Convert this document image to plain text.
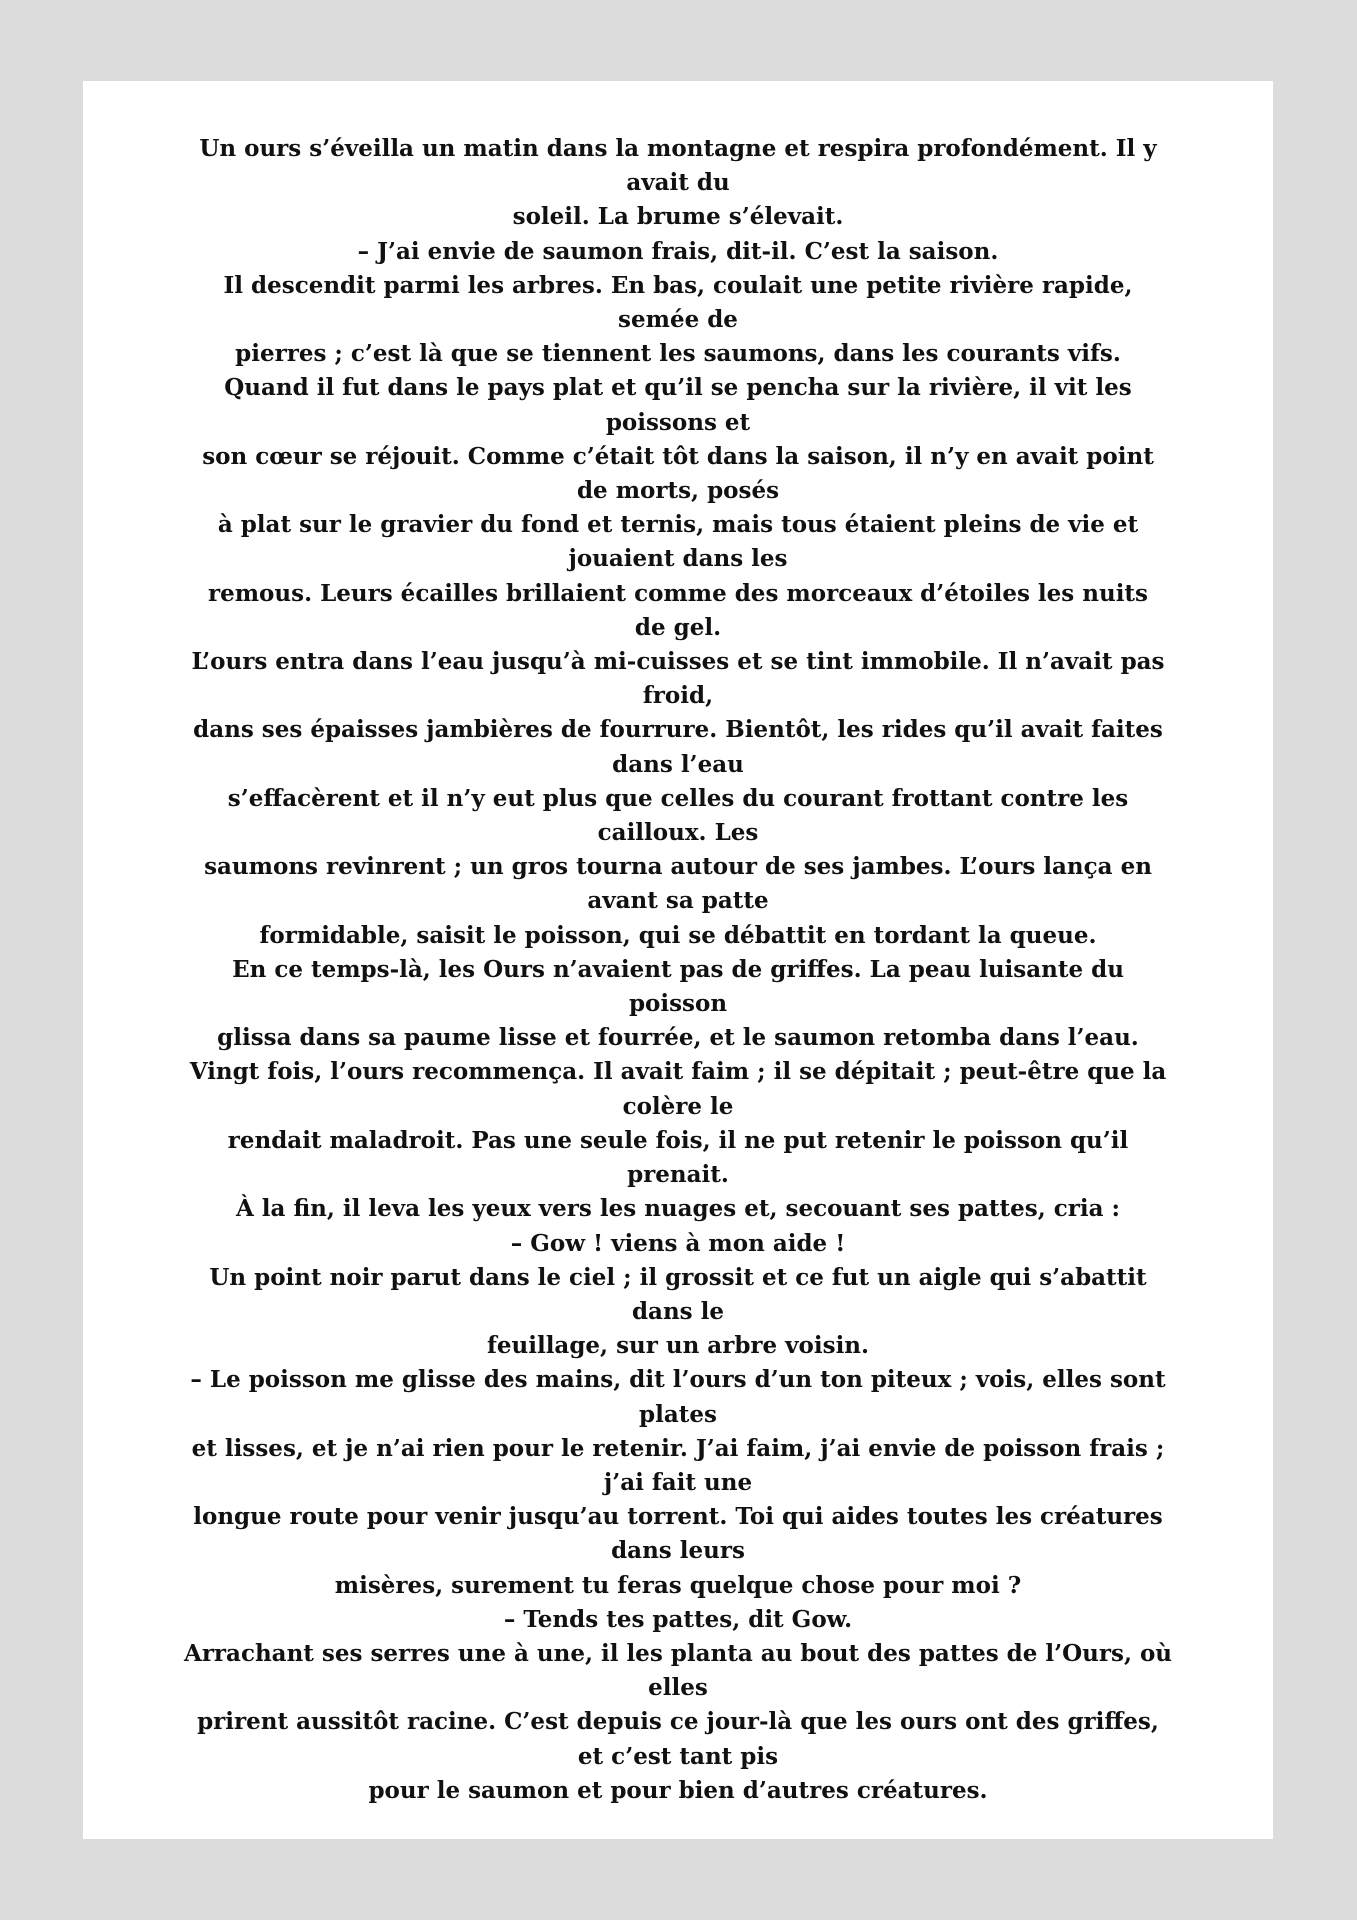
Un ours s’éveilla un matin dans la montagne et respira profondément. Il y
avait du
soleil. La brume s’élevait.
– J’ai envie de saumon frais, dit-il. C’est la saison.
Il descendit parmi les arbres. En bas, coulait une petite rivière rapide,
semée de
pierres ; c’est là que se tiennent les saumons, dans les courants vifs.
Quand il fut dans le pays plat et qu’il se pencha sur la rivière, il vit les
poissons et
son cœur se réjouit. Comme c’était tôt dans la saison, il n’y en avait point
de morts, posés
à plat sur le gravier du fond et ternis, mais tous étaient pleins de vie et
jouaient dans les
remous. Leurs écailles brillaient comme des morceaux d’étoiles les nuits
de gel.
L’ours entra dans l’eau jusqu’à mi-cuisses et se tint immobile. Il n’avait pas
froid,
dans ses épaisses jambières de fourrure. Bientôt, les rides qu’il avait faites
dans l’eau
s’effacèrent et il n’y eut plus que celles du courant frottant contre les
cailloux. Les
saumons revinrent ; un gros tourna autour de ses jambes. L’ours lança en
avant sa patte
formidable, saisit le poisson, qui se débattit en tordant la queue.
En ce temps-là, les Ours n’avaient pas de griffes. La peau luisante du
poisson
glissa dans sa paume lisse et fourrée, et le saumon retomba dans l’eau.
Vingt fois, l’ours recommença. Il avait faim ; il se dépitait ; peut-être que la
colère le
rendait maladroit. Pas une seule fois, il ne put retenir le poisson qu’il
prenait.
À la fin, il leva les yeux vers les nuages et, secouant ses pattes, cria :
– Gow ! viens à mon aide !
Un point noir parut dans le ciel ; il grossit et ce fut un aigle qui s’abattit
dans le
feuillage, sur un arbre voisin.
– Le poisson me glisse des mains, dit l’ours d’un ton piteux ; vois, elles sont
plates
et lisses, et je n’ai rien pour le retenir. J’ai faim, j’ai envie de poisson frais ;
j’ai fait une
longue route pour venir jusqu’au torrent. Toi qui aides toutes les créatures
dans leurs
misères, surement tu feras quelque chose pour moi ?
– Tends tes pattes, dit Gow.
Arrachant ses serres une à une, il les planta au bout des pattes de l’Ours, où
elles
prirent aussitôt racine. C’est depuis ce jour-là que les ours ont des griffes,
et c’est tant pis
pour le saumon et pour bien d’autres créatures.
